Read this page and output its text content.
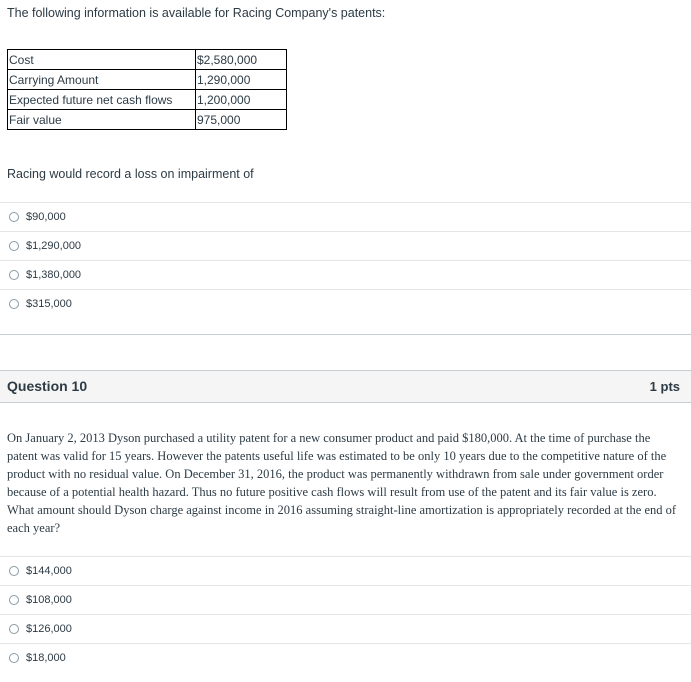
The following information is available for Racing Company's patents:
Cost	$2,580,000
Carrying Amount	1,290,000
Expected future net cash flows	1,200,000
Fair value	975,000
Racing would record a loss on impairment of
$90,000
$1,290,000
$1,380,000
$315,000
Question 10	1 pts
On January 2, 2013 Dyson purchased a utility patent for a new consumer product and paid $180,000. At the time of purchase the patent was valid for 15 years. However the patents useful life was estimated to be only 10 years due to the competitive nature of the product with no residual value. On December 31, 2016, the product was permanently withdrawn from sale under government order because of a potential health hazard. Thus no future positive cash flows will result from use of the patent and its fair value is zero. What amount should Dyson charge against income in 2016 assuming straight-line amortization is appropriately recorded at the end of each year?
$144,000
$108,000
$126,000
$18,000
